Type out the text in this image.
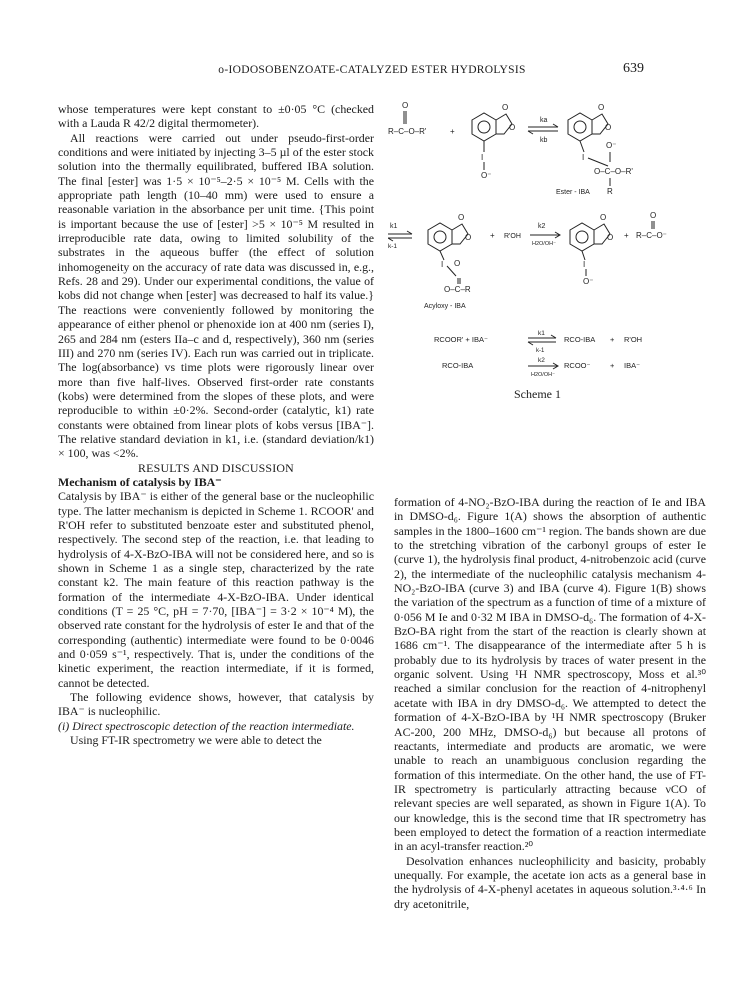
o-IODOSOBENZOATE-CATALYZED ESTER HYDROLYSIS	639

whose temperatures were kept constant to ±0·05 °C (checked with a Lauda R 42/2 digital thermometer).

All reactions were carried out under pseudo-first-order conditions and were initiated by injecting 3–5 µl of the ester stock solution into the thermally equilibrated, buffered IBA solution. The final [ester] was 1·5 × 10⁻⁵–2·5 × 10⁻⁵ M. Cells with the appropriate path length (10–40 mm) were used to ensure a reasonable variation in the absorbance per unit time. {This point is important because the use of [ester] >5 × 10⁻⁵ M resulted in irreproducible rate data, owing to limited solubility of the substrates in the aqueous buffer (the effect of solution inhomogeneity on the accuracy of rate data was discussed in, e.g., Refs. 28 and 29). Under our experimental conditions, the value of kobs did not change when [ester] was decreased to half its value.} The reactions were conveniently followed by monitoring the appearance of either phenol or phenoxide ion at 400 nm (series I), 265 and 284 nm (esters IIa–c and d, respectively), 360 nm (series III) and 270 nm (series IV). Each run was carried out in triplicate. The log(absorbance) vs time plots were rigorously linear over more than five half-lives. Observed first-order rate constants (kobs) were determined from the slopes of these plots, and were reproducible to within ±0·2%. Second-order (catalytic, k1) rate constants were obtained from linear plots of kobs versus [IBA⁻]. The relative standard deviation in k1, i.e. (standard deviation/k1) × 100, was <2%.

RESULTS AND DISCUSSION

Mechanism of catalysis by IBA⁻

Catalysis by IBA⁻ is either of the general base or the nucleophilic type. The latter mechanism is depicted in Scheme 1. RCOOR' and R'OH refer to substituted benzoate ester and substituted phenol, respectively. The second step of the reaction, i.e. that leading to hydrolysis of 4-X-BzO-IBA will not be considered here, and so is shown in Scheme 1 as a single step, characterized by the rate constant k2. The main feature of this reaction pathway is the formation of the intermediate 4-X-BzO-IBA. Under identical conditions (T = 25 °C, pH = 7·70, [IBA⁻] = 3·2 × 10⁻⁴ M), the observed rate constant for the hydrolysis of ester Ie and that of the corresponding (authentic) intermediate were found to be 0·0046 and 0·059 s⁻¹, respectively. That is, under the conditions of the kinetic experiment, the reaction intermediate, if it is formed, cannot be detected.

The following evidence shows, however, that catalysis by IBA⁻ is nucleophilic.

(i) Direct spectroscopic detection of the reaction intermediate.

Using FT-IR spectrometry we were able to detect the

formation of 4-NO₂-BzO-IBA during the reaction of Ie and IBA in DMSO-d₆. Figure 1(A) shows the absorption of authentic samples in the 1800–1600 cm⁻¹ region. The bands shown are due to the stretching vibration of the carbonyl groups of ester Ie (curve 1), the hydrolysis final product, 4-nitrobenzoic acid (curve 2), the intermediate of the nucleophilic catalysis mechanism 4-NO₂-BzO-IBA (curve 3) and IBA (curve 4). Figure 1(B) shows the variation of the spectrum as a function of time of a mixture of 0·056 M Ie and 0·32 M IBA in DMSO-d₆. The formation of 4-X-BzO-BA right from the start of the reaction is clearly shown at 1686 cm⁻¹. The disappearance of the intermediate after 5 h is probably due to its hydrolysis by traces of water present in the organic solvent. Using ¹H NMR spectroscopy, Moss et al.³⁰ reached a similar conclusion for the reaction of 4-nitrophenyl acetate with IBA in dry DMSO-d₆. We attempted to detect the formation of 4-X-BzO-IBA by ¹H NMR spectroscopy (Bruker AC-200, 200 MHz, DMSO-d₆) but because all protons of reactants, intermediate and products are aromatic, we were unable to reach an unambiguous conclusion regarding the formation of this intermediate. On the other hand, the use of FT-IR spectrometry is particularly attracting because νCO of relevant species are well separated, as shown in Figure 1(A). To our knowledge, this is the second time that IR spectrometry has been employed to detect the formation of a reaction intermediate in an acyl-transfer reaction.²⁰

Desolvation enhances nucleophilicity and basicity, probably unequally. For example, the acetate ion acts as a general base in the hydrolysis of 4-X-phenyl acetates in aqueous solution.³·⁴·⁶ In dry acetonitrile,

O
R–C–O–R'	+
O
O
I
O⁻
ka
kb
O
O
I
O⁻
O–C–O–R'
R
Ester - IBA
k1
k-1
O
O
I O
O–C–R
Acyloxy - IBA
+ R'OH
k2
H2O/OH⁻
O
O
I
O⁻
+
O
R–C–O⁻
RCOOR' + IBA⁻
k1
k-1
RCO-IBA + R'OH
RCO-IBA
k2
H2O/OH⁻
RCOO⁻	+ IBA⁻
Scheme 1
